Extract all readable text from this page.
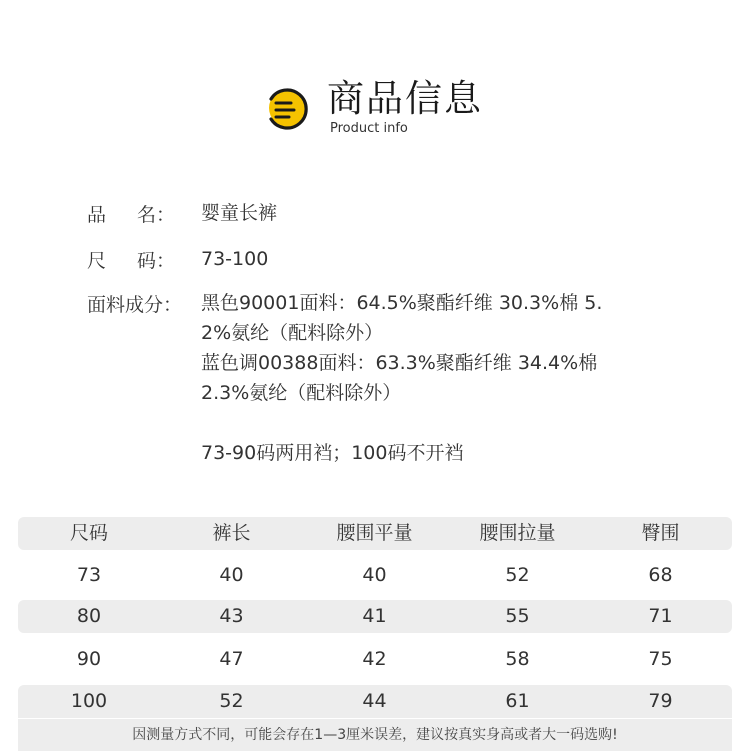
商品信息
Product info
品 名： 婴童长裤
尺 码： 73-100
面料成分： 黑色90001面料：64.5%聚酯纤维 30.3%棉 5.
2%氨纶（配料除外）
蓝色调00388面料：63.3%聚酯纤维 34.4%棉
2.3%氨纶（配料除外）
73-90码两用裆；100码不开裆
尺码	裤长	腰围平量	腰围拉量	臀围
73	40	40	52	68
80	43	41	55	71
90	47	42	58	75
100	52	44	61	79
因测量方式不同，可能会存在1—3厘米误差，建议按真实身高或者大一码选购!
